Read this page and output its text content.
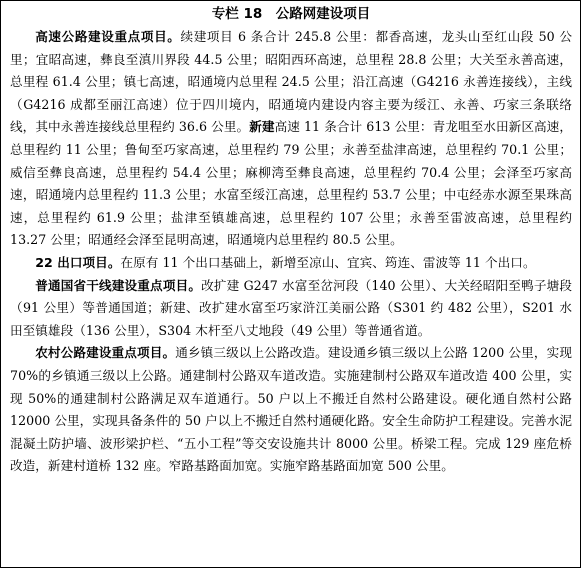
专栏 18　公路网建设项目

高速公路建设重点项目。续建项目 6 条合计 245.8 公里：都香高速，龙头山至红山段 50 公里；宜昭高速，彝良至滇川界段 44.5 公里；昭阳西环高速，总里程 28.8 公里；大关至永善高速，总里程 61.4 公里；镇七高速，昭通境内总里程 24.5 公里；沿江高速（G4216 永善连接线），主线（G4216 成都至丽江高速）位于四川境内，昭通境内建设内容主要为绥江、永善、巧家三条联络线，其中永善连接线总里程约 36.6 公里。新建高速 11 条合计 613 公里：青龙咀至水田新区高速，总里程约 11 公里；鲁甸至巧家高速，总里程约 79 公里；永善至盐津高速，总里程约 70.1 公里；威信至彝良高速，总里程约 54.4 公里；麻柳湾至彝良高速，总里程约 70.4 公里；会泽至巧家高速，昭通境内总里程约 11.3 公里；水富至绥江高速，总里程约 53.7 公里；中屯经赤水源至果珠高速，总里程约 61.9 公里；盐津至镇雄高速，总里程约 107 公里；永善至雷波高速，总里程约 13.27 公里；昭通经会泽至昆明高速，昭通境内总里程约 80.5 公里。

22 出口项目。在原有 11 个出口基础上，新增至凉山、宜宾、筠连、雷波等 11 个出口。

普通国省干线建设重点项目。改扩建 G247 水富至岔河段（140 公里）、大关经昭阳至鸭子塘段（91 公里）等普通国道；新建、改扩建水富至巧家浒江美丽公路（S301 约 482 公里），S201 水田至镇雄段（136 公里），S304 木杆至八丈地段（49 公里）等普通省道。

农村公路建设重点项目。通乡镇三级以上公路改造。建设通乡镇三级以上公路 1200 公里，实现 70%的乡镇通三级以上公路。通建制村公路双车道改造。实施建制村公路双车道改造 400 公里，实现 50%的通建制村公路满足双车道通行。50 户以上不搬迁自然村公路建设。硬化通自然村公路 12000 公里，实现具备条件的 50 户以上不搬迁自然村通硬化路。安全生命防护工程建设。完善水泥混凝土防护墙、波形梁护栏、“五小工程”等交安设施共计 8000 公里。桥梁工程。完成 129 座危桥改造，新建村道桥 132 座。窄路基路面加宽。实施窄路基路面加宽 500 公里。
